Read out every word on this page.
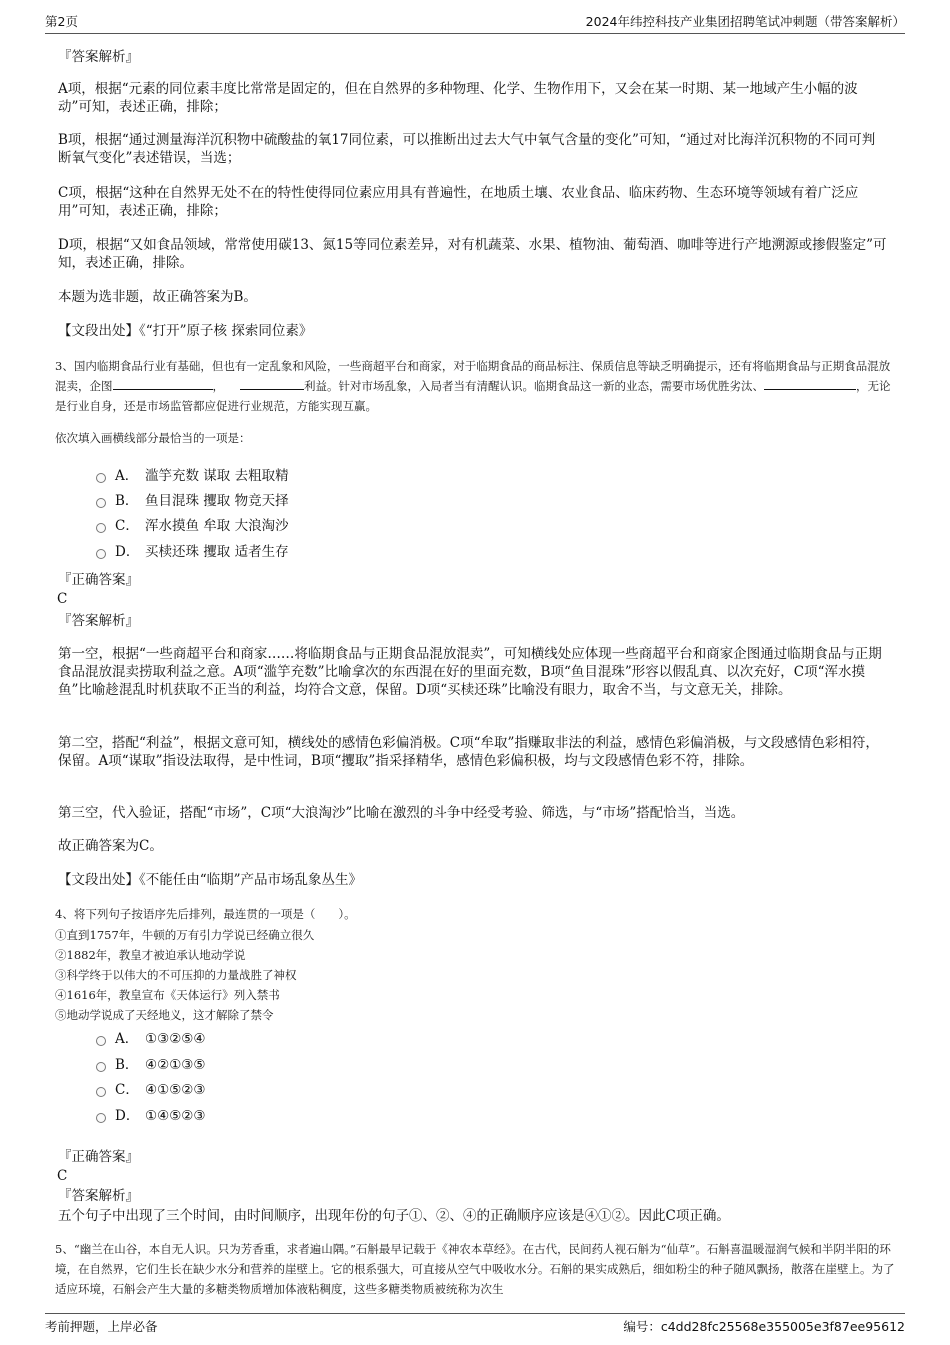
第2页	2024年纬控科技产业集团招聘笔试冲刺题（带答案解析）

『答案解析』

A项，根据“元素的同位素丰度比常常是固定的，但在自然界的多种物理、化学、生物作用下，又会在某一时期、某一地域产生小幅的波动”可知，表述正确，排除；

B项，根据“通过测量海洋沉积物中硫酸盐的氧17同位素，可以推断出过去大气中氧气含量的变化”可知，“通过对比海洋沉积物的不同可判断氧气变化”表述错误，当选；

C项，根据“这种在自然界无处不在的特性使得同位素应用具有普遍性，在地质土壤、农业食品、临床药物、生态环境等领域有着广泛应用”可知，表述正确，排除；

D项，根据“又如食品领域，常常使用碳13、氮15等同位素差异，对有机蔬菜、水果、植物油、葡萄酒、咖啡等进行产地溯源或掺假鉴定”可知，表述正确，排除。

本题为选非题，故正确答案为B。

【文段出处】《“打开”原子核 探索同位素》

3、国内临期食品行业有基础，但也有一定乱象和风险，一些商超平台和商家，对于临期食品的商品标注、保质信息等缺乏明确提示，还有将临期食品与正期食品混放混卖，企图	，	利益。针对市场乱象，入局者当有清醒认识。临期食品这一新的业态，需要市场优胜劣汰、	，无论是行业自身，还是市场监管都应促进行业规范，方能实现互赢。

依次填入画横线部分最恰当的一项是：

A． 滥竽充数 谋取 去粗取精
B． 鱼目混珠 攫取 物竞天择
C． 浑水摸鱼 牟取 大浪淘沙
D． 买椟还珠 攫取 适者生存

『正确答案』

C

『答案解析』

第一空，根据“一些商超平台和商家……将临期食品与正期食品混放混卖”，可知横线处应体现一些商超平台和商家企图通过临期食品与正期食品混放混卖捞取利益之意。A项“滥竽充数”比喻拿次的东西混在好的里面充数，B项“鱼目混珠”形容以假乱真、以次充好，C项“浑水摸鱼”比喻趁混乱时机获取不正当的利益，均符合文意，保留。D项“买椟还珠”比喻没有眼力，取舍不当，与文意无关，排除。

第二空，搭配“利益”，根据文意可知，横线处的感情色彩偏消极。C项“牟取”指赚取非法的利益，感情色彩偏消极，与文段感情色彩相符，保留。A项“谋取”指设法取得，是中性词，B项“攫取”指采择精华，感情色彩偏积极，均与文段感情色彩不符，排除。

第三空，代入验证，搭配“市场”，C项“大浪淘沙”比喻在激烈的斗争中经受考验、筛选，与“市场”搭配恰当，当选。

故正确答案为C。

【文段出处】《不能任由“临期”产品市场乱象丛生》

4、将下列句子按语序先后排列，最连贯的一项是（　　）。

①直到1757年，牛顿的万有引力学说已经确立很久

②1882年，教皇才被迫承认地动学说

③科学终于以伟大的不可压抑的力量战胜了神权

④1616年，教皇宣布《天体运行》列入禁书

⑤地动学说成了天经地义，这才解除了禁令

A． ①③②⑤④
B． ④②①③⑤
C． ④①⑤②③
D． ①④⑤②③

『正确答案』

C

『答案解析』

五个句子中出现了三个时间，由时间顺序，出现年份的句子①、②、④的正确顺序应该是④①②。因此C项正确。

5、“幽兰在山谷，本自无人识。只为芳香重，求者遍山隅。”石斛最早记载于《神农本草经》。在古代，民间药人视石斛为“仙草”。石斛喜温暖湿润气候和半阴半阳的环境，在自然界，它们生长在缺少水分和营养的崖壁上。它的根系强大，可直接从空气中吸收水分。石斛的果实成熟后，细如粉尘的种子随风飘扬，散落在崖壁上。为了适应环境，石斛会产生大量的多糖类物质增加体液粘稠度，这些多糖类物质被统称为次生

考前押题，上岸必备	编号：c4dd28fc25568e355005e3f87ee95612
